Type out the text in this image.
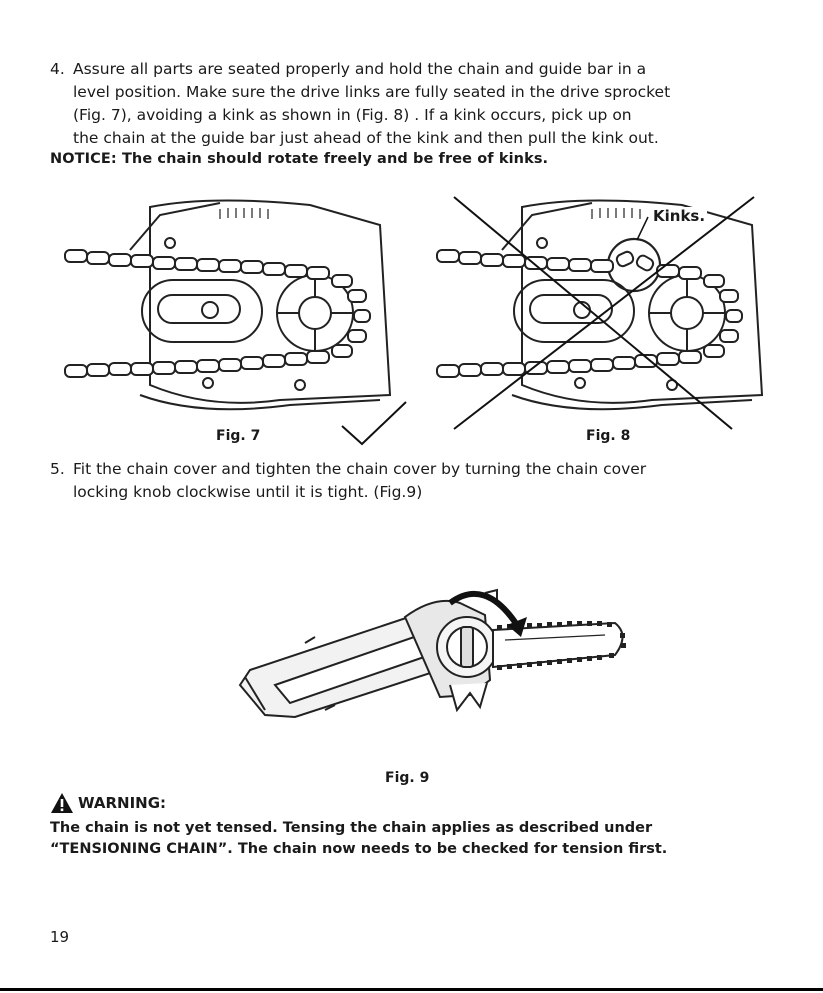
4. Assure all parts are seated properly and hold the chain and guide bar in a
level position. Make sure the drive links are fully seated in the drive sprocket
(Fig. 7), avoiding a kink as shown in (Fig. 8) . If a kink occurs, pick up on
the chain at the guide bar just ahead of the kink and then pull the kink out.
NOTICE: The chain should rotate freely and be free of kinks.
Fig. 7
Kinks.
Fig. 8
5. Fit the chain cover and tighten the chain cover by turning the chain cover
locking knob clockwise until it is tight. (Fig.9)
Fig. 9
WARNING:
The chain is not yet tensed. Tensing the chain applies as described under
“TENSIONING CHAIN”. The chain now needs to be checked for tension first.
19
